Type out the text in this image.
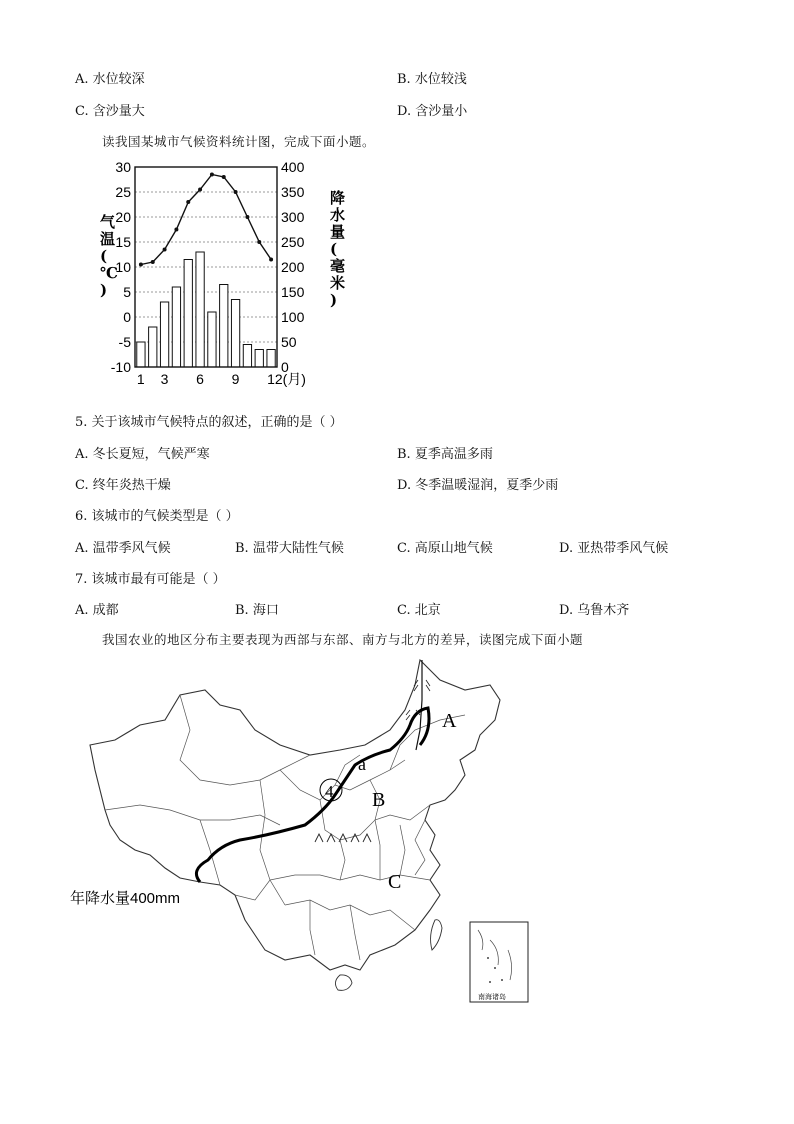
A. 水位较深	B. 水位较浅
C. 含沙量大	D. 含沙量小
读我国某城市气候资料统计图，完成下面小题。
30
25
20
15
10
5
0
-5
-10
400
350
300
250
200
150
100
50
0
1 3 6 9 12(月)
气温( ℃ )
降水量(毫米)
5. 关于该城市气候特点的叙述，正确的是（ ）
A. 冬长夏短，气候严寒	B. 夏季高温多雨
C. 终年炎热干燥	D. 冬季温暖湿润，夏季少雨
6. 该城市的气候类型是（ ）
A. 温带季风气候	B. 温带大陆性气候	C. 高原山地气候	D. 亚热带季风气候
7. 该城市最有可能是（ ）
A. 成都	B. 海口	C. 北京	D. 乌鲁木齐
我国农业的地区分布主要表现为西部与东部、南方与北方的差异，读图完成下面小题
A
a
B
C
4
年降水量400mm
南海诸岛
